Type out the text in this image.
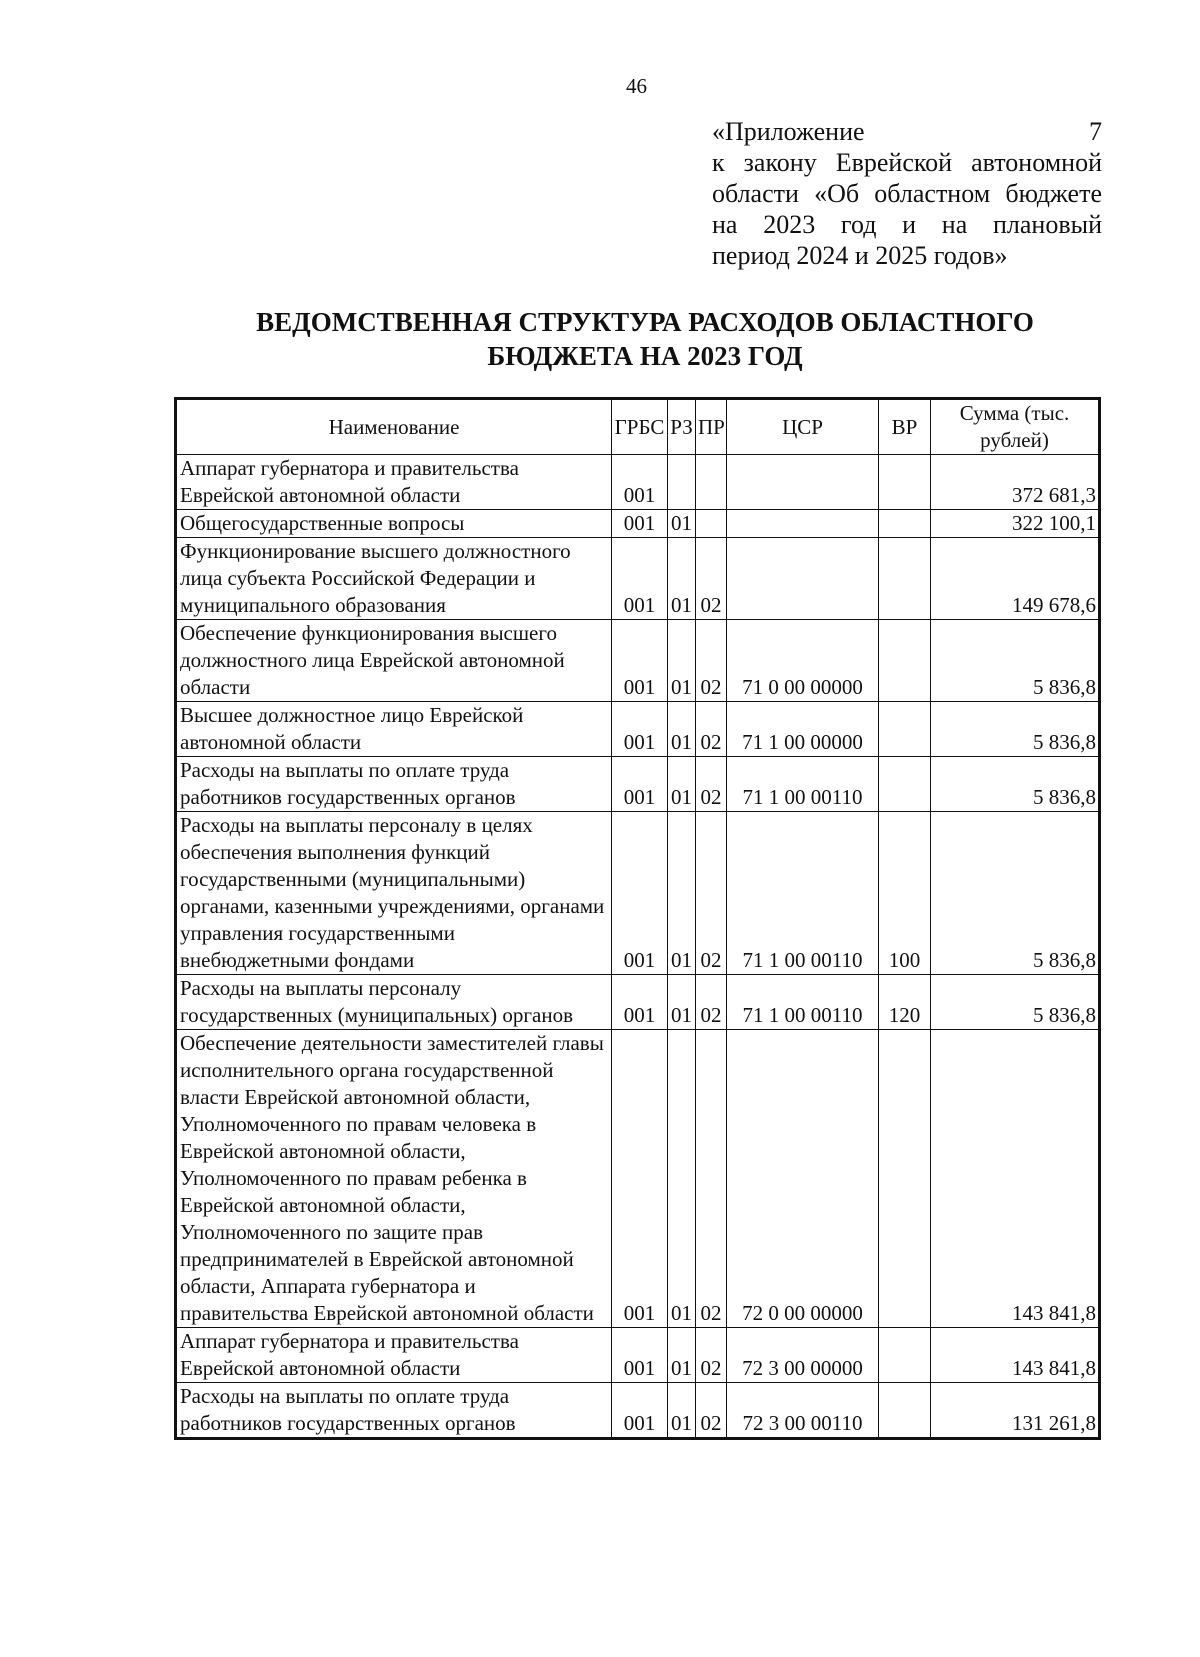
46
«Приложение 7
к закону Еврейской автономной
области «Об областном бюджете
на 2023 год и на плановый
период 2024 и 2025 годов»
ВЕДОМСТВЕННАЯ СТРУКТУРА РАСХОДОВ ОБЛАСТНОГО
БЮДЖЕТА НА 2023 ГОД
Наименование	ГРБС	РЗ	ПР	ЦСР	ВР	Сумма (тыс. рублей)
Аппарат губернатора и правительства Еврейской автономной области	001					372 681,3
Общегосударственные вопросы	001	01				322 100,1
Функционирование высшего должностного лица субъекта Российской Федерации и муниципального образования	001	01	02			149 678,6
Обеспечение функционирования высшего должностного лица Еврейской автономной области	001	01	02	71 0 00 00000		5 836,8
Высшее должностное лицо Еврейской автономной области	001	01	02	71 1 00 00000		5 836,8
Расходы на выплаты по оплате труда работников государственных органов	001	01	02	71 1 00 00110		5 836,8
Расходы на выплаты персоналу в целях обеспечения выполнения функций государственными (муниципальными) органами, казенными учреждениями, органами управления государственными внебюджетными фондами	001	01	02	71 1 00 00110	100	5 836,8
Расходы на выплаты персоналу государственных (муниципальных) органов	001	01	02	71 1 00 00110	120	5 836,8
Обеспечение деятельности заместителей главы исполнительного органа государственной власти Еврейской автономной области, Уполномоченного по правам человека в Еврейской автономной области, Уполномоченного по правам ребенка в Еврейской автономной области, Уполномоченного по защите прав предпринимателей в Еврейской автономной области, Аппарата губернатора и правительства Еврейской автономной области	001	01	02	72 0 00 00000		143 841,8
Аппарат губернатора и правительства Еврейской автономной области	001	01	02	72 3 00 00000		143 841,8
Расходы на выплаты по оплате труда работников государственных органов	001	01	02	72 3 00 00110		131 261,8
